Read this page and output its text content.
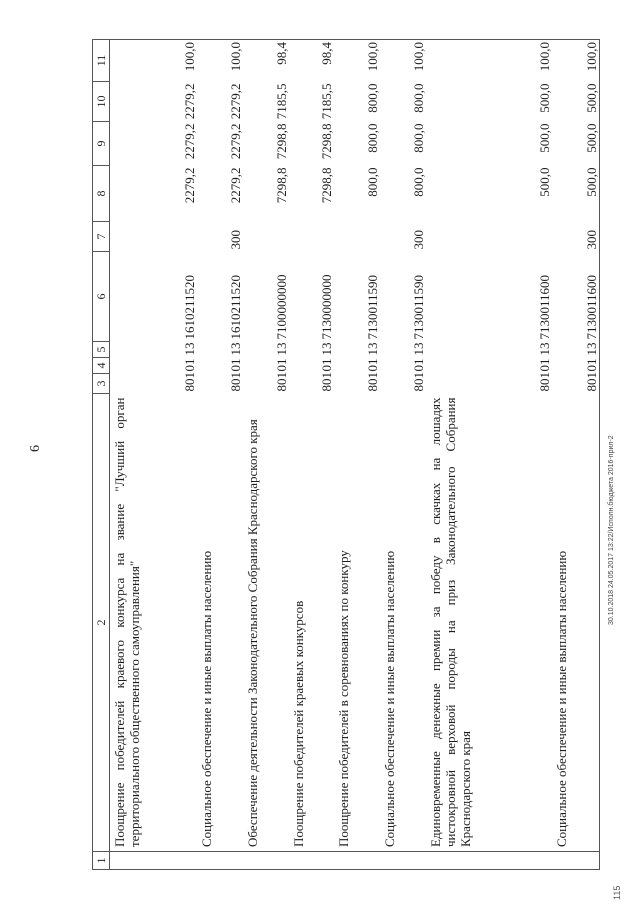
6
1	2	3	4	5	6	7	8	9	10	11
	Поощрение победителей краевого конкурса на звание "Лучший орган территориального общественного самоуправления"	801	01	13	1610211520		2279,2	2279,2	2279,2	100,0
	Социальное обеспечение и иные выплаты населению	801	01	13	1610211520	300	2279,2	2279,2	2279,2	100,0
	Обеспечение деятельности Законодательного Собрания Краснодарского края	801	01	13	7100000000		7298,8	7298,8	7185,5	98,4
	Поощрение победителей краевых конкурсов	801	01	13	7130000000		7298,8	7298,8	7185,5	98,4
	Поощрение победителей в соревнованиях по конкуру	801	01	13	7130011590		800,0	800,0	800,0	100,0
	Социальное обеспечение и иные выплаты населению	801	01	13	7130011590	300	800,0	800,0	800,0	100,0
	Единовременные денежные премии за победу в скачках на лошадях чистокровной верховой породы на приз Законодательного Собрания Краснодарского края	801	01	13	7130011600		500,0	500,0	500,0	100,0
	Социальное обеспечение и иные выплаты населению	801	01	13	7130011600	300	500,0	500,0	500,0	100,0
30.10.2018 24.05.2017 13:22/Исполн.бюджета 2016-прил-2
115
